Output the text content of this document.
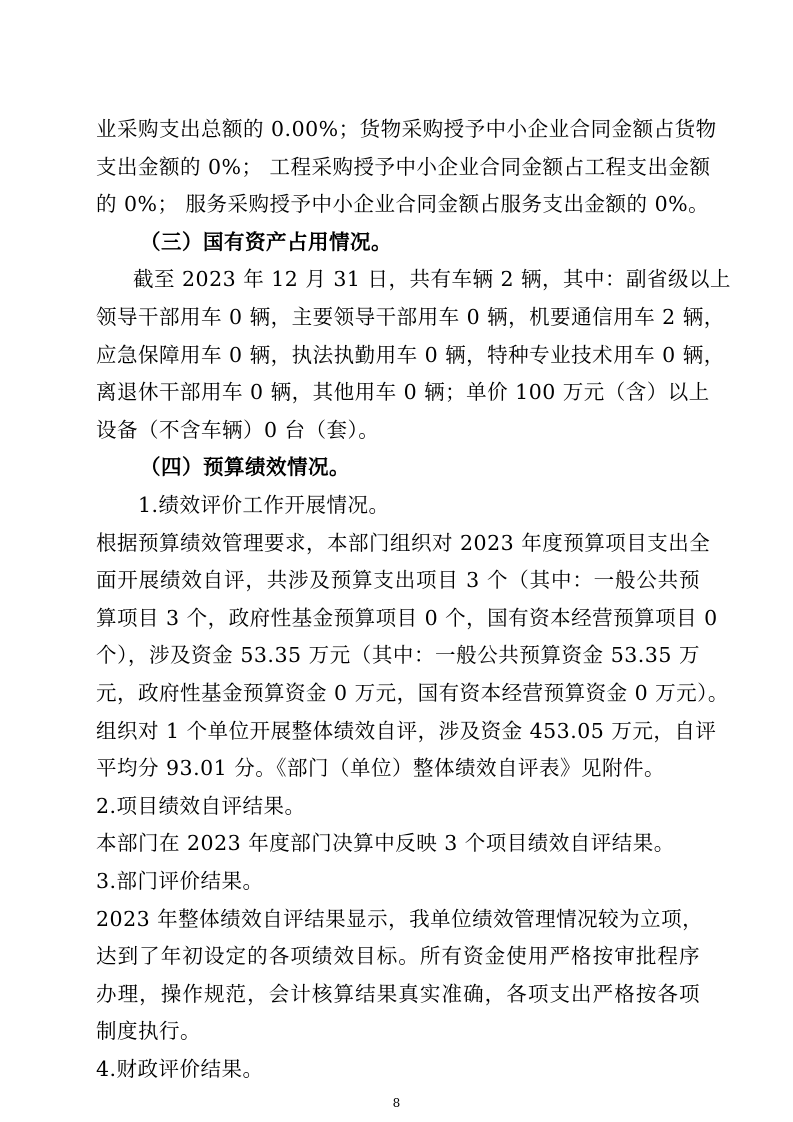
业采购支出总额的 0.00%；货物采购授予中小企业合同金额占货物
支出金额的 0%； 工程采购授予中小企业合同金额占工程支出金额
的 0%； 服务采购授予中小企业合同金额占服务支出金额的 0%。
（三）国有资产占用情况。
截至 2023 年 12 月 31 日，共有车辆 2 辆，其中：副省级以上
领导干部用车 0 辆，主要领导干部用车 0 辆，机要通信用车 2 辆，
应急保障用车 0 辆，执法执勤用车 0 辆，特种专业技术用车 0 辆，
离退休干部用车 0 辆，其他用车 0 辆；单价 100 万元（含）以上
设备（不含车辆）0 台（套）。
（四）预算绩效情况。
1.绩效评价工作开展情况。
根据预算绩效管理要求，本部门组织对 2023 年度预算项目支出全
面开展绩效自评，共涉及预算支出项目 3 个（其中：一般公共预
算项目 3 个，政府性基金预算项目 0 个，国有资本经营预算项目 0
个），涉及资金 53.35 万元（其中：一般公共预算资金 53.35 万
元，政府性基金预算资金 0 万元，国有资本经营预算资金 0 万元）。
组织对 1 个单位开展整体绩效自评，涉及资金 453.05 万元，自评
平均分 93.01 分。《部门（单位）整体绩效自评表》见附件。
2.项目绩效自评结果。
本部门在 2023 年度部门决算中反映 3 个项目绩效自评结果。
3.部门评价结果。
2023 年整体绩效自评结果显示，我单位绩效管理情况较为立项，
达到了年初设定的各项绩效目标。所有资金使用严格按审批程序
办理，操作规范，会计核算结果真实准确，各项支出严格按各项
制度执行。
4.财政评价结果。
8
